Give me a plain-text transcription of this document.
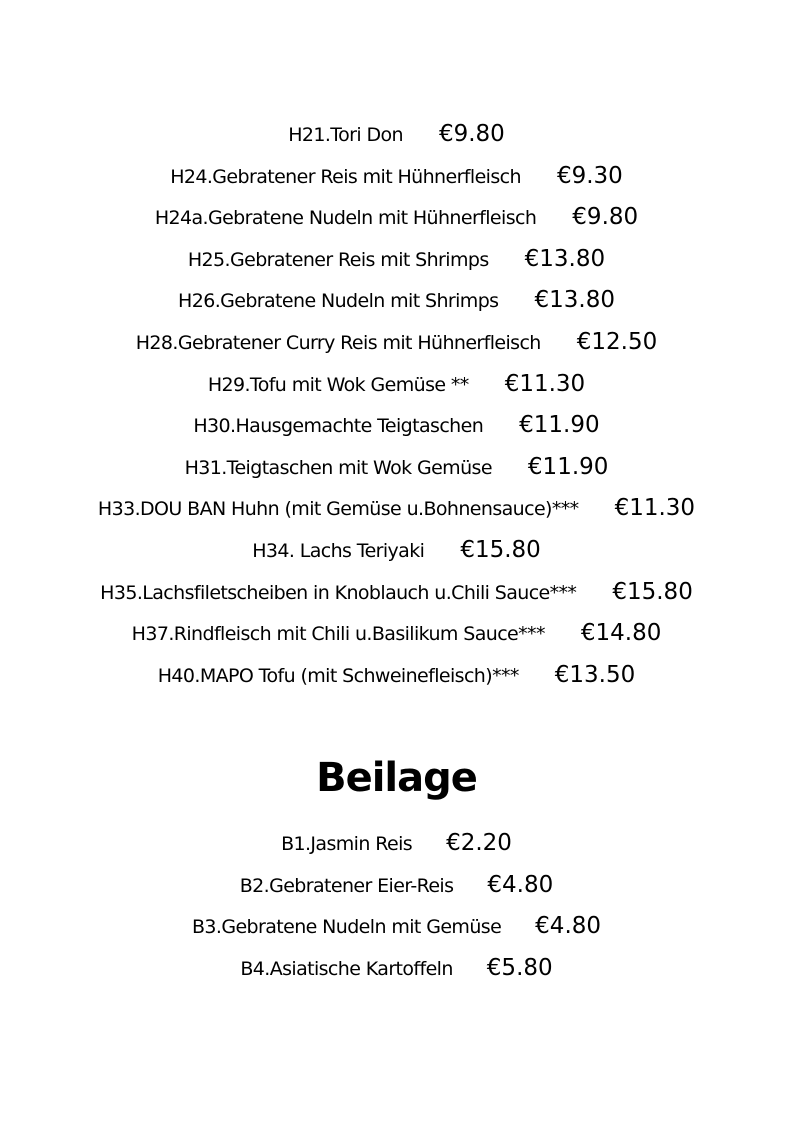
H21.Tori Don €9.80
H24.Gebratener Reis mit Hühnerfleisch €9.30
H24a.Gebratene Nudeln mit Hühnerfleisch €9.80
H25.Gebratener Reis mit Shrimps €13.80
H26.Gebratene Nudeln mit Shrimps €13.80
H28.Gebratener Curry Reis mit Hühnerfleisch €12.50
H29.Tofu mit Wok Gemüse ** €11.30
H30.Hausgemachte Teigtaschen €11.90
H31.Teigtaschen mit Wok Gemüse €11.90
H33.DOU BAN Huhn (mit Gemüse u.Bohnensauce)*** €11.30
H34. Lachs Teriyaki €15.80
H35.Lachsfiletscheiben in Knoblauch u.Chili Sauce*** €15.80
H37.Rindfleisch mit Chili u.Basilikum Sauce*** €14.80
H40.MAPO Tofu (mit Schweinefleisch)*** €13.50
Beilage
B1.Jasmin Reis €2.20
B2.Gebratener Eier-Reis €4.80
B3.Gebratene Nudeln mit Gemüse €4.80
B4.Asiatische Kartoffeln €5.80
